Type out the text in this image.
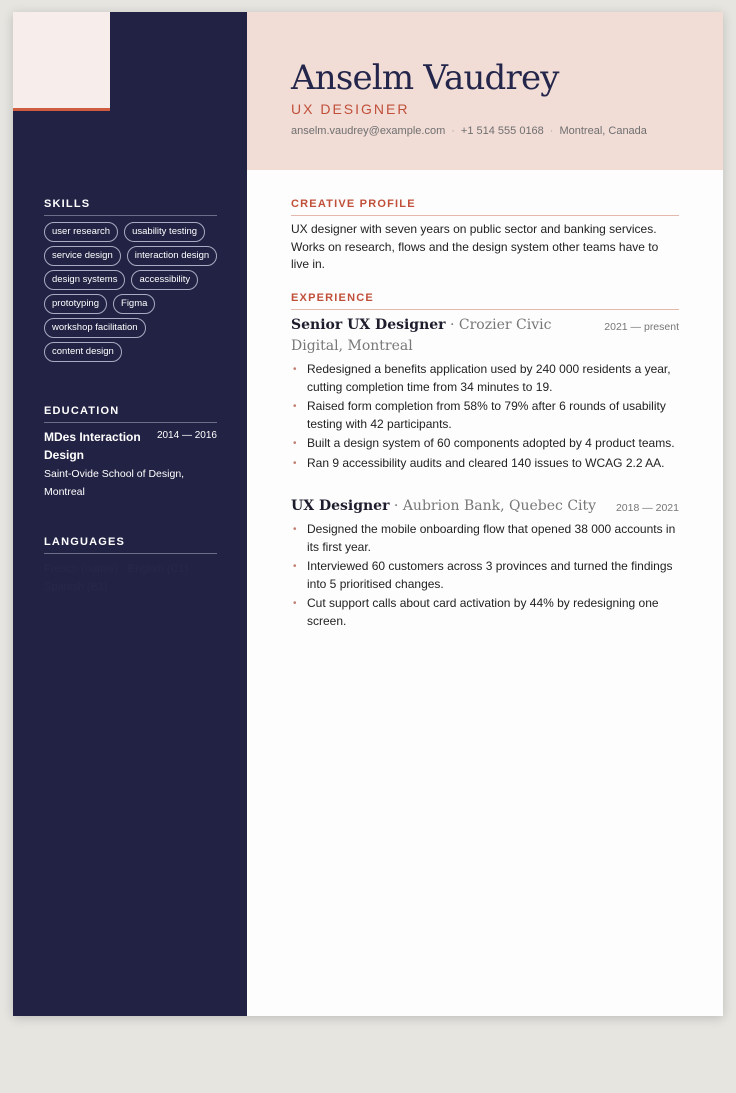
SKILLS
user research	usability testing
service design	interaction design
design systems	accessibility
prototyping	Figma
workshop facilitation
content design
EDUCATION
MDes Interaction Design
2014 — 2016
Saint-Ovide School of Design, Montreal
LANGUAGES
French (native) · English (C1) · Spanish (B1)
Anselm Vaudrey
UX DESIGNER
anselm.vaudrey@example.com · +1 514 555 0168 · Montreal, Canada
CREATIVE PROFILE
UX designer with seven years on public sector and banking services. Works on research, flows and the design system other teams have to live in.
EXPERIENCE
Senior UX Designer · Crozier Civic Digital, Montreal
2021 — present
• Redesigned a benefits application used by 240 000 residents a year, cutting completion time from 34 minutes to 19.
• Raised form completion from 58% to 79% after 6 rounds of usability testing with 42 participants.
• Built a design system of 60 components adopted by 4 product teams.
• Ran 9 accessibility audits and cleared 140 issues to WCAG 2.2 AA.
UX Designer · Aubrion Bank, Quebec City 2018 — 2021
• Designed the mobile onboarding flow that opened 38 000 accounts in its first year.
• Interviewed 60 customers across 3 provinces and turned the findings into 5 prioritised changes.
• Cut support calls about card activation by 44% by redesigning one screen.
